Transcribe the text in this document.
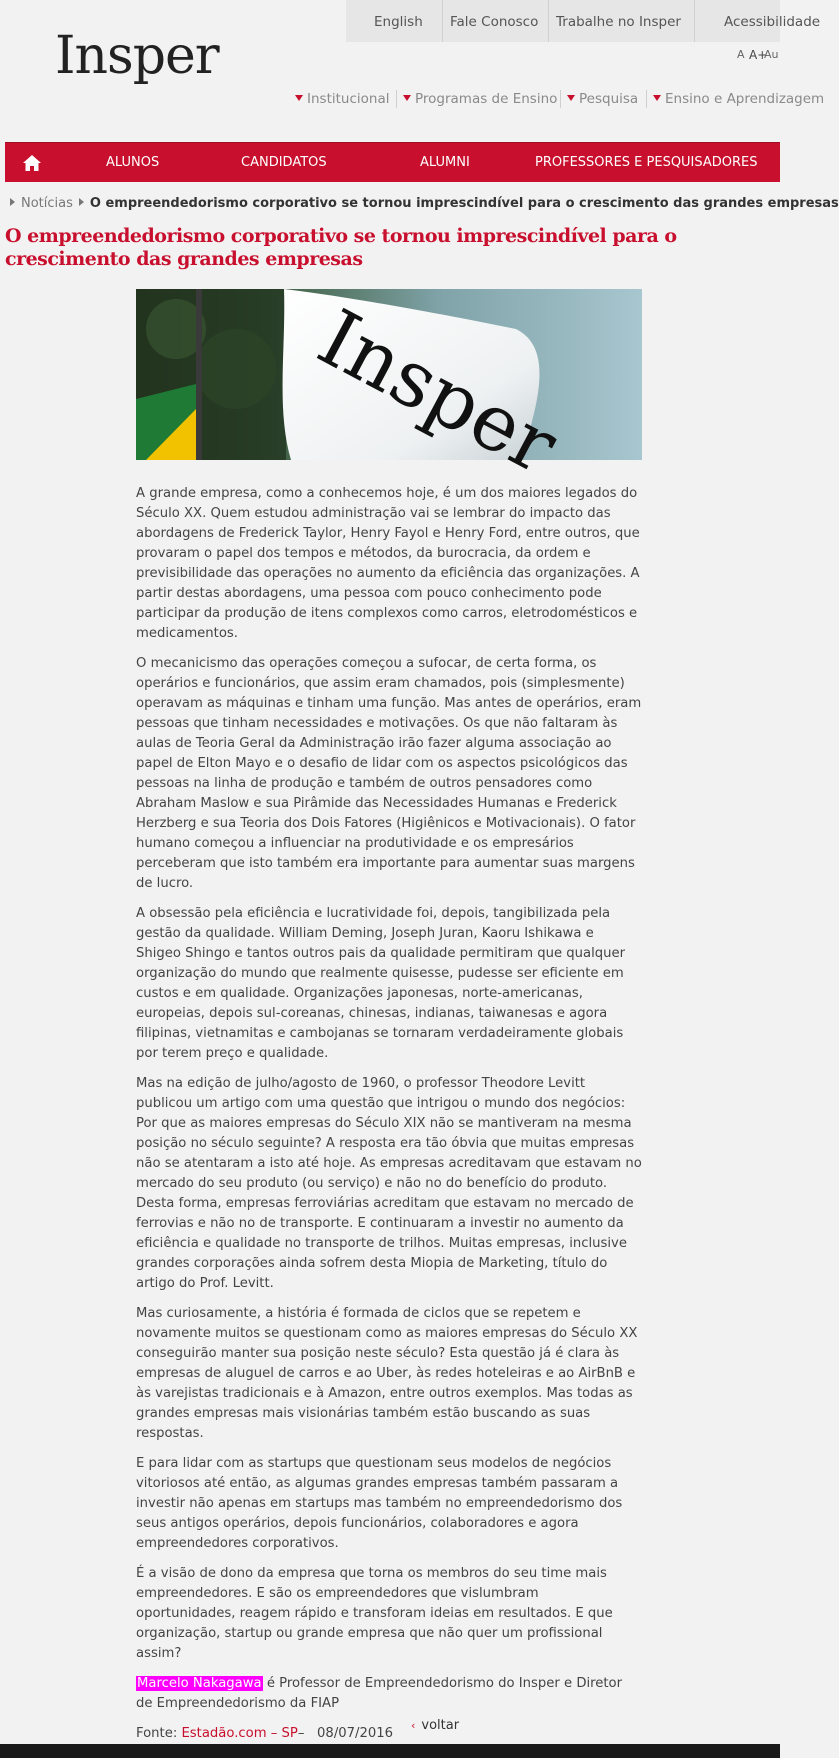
English Fale Conosco Trabalhe no Insper	Acessibilidade
Insper	A A+
Au
Institucional	Programas de Ensino	Pesquisa	Ensino e Aprendizagem
ALUNOS	CANDIDATOS	ALUMNI	PROFESSORES E PESQUISADORES
Notícias O empreendedorismo corporativo se tornou imprescindível para o crescimento das grandes empresas
O empreendedorismo corporativo se tornou imprescindível para o crescimento das grandes empresas
Insper

A grande empresa, como a conhecemos hoje, é um dos maiores legados do Século XX. Quem estudou administração vai se lembrar do impacto das abordagens de Frederick Taylor, Henry Fayol e Henry Ford, entre outros, que provaram o papel dos tempos e métodos, da burocracia, da ordem e previsibilidade das operações no aumento da eficiência das organizações. A partir destas abordagens, uma pessoa com pouco conhecimento pode participar da produção de itens complexos como carros, eletrodomésticos e medicamentos.

O mecanicismo das operações começou a sufocar, de certa forma, os operários e funcionários, que assim eram chamados, pois (simplesmente) operavam as máquinas e tinham uma função. Mas antes de operários, eram pessoas que tinham necessidades e motivações. Os que não faltaram às aulas de Teoria Geral da Administração irão fazer alguma associação ao papel de Elton Mayo e o desafio de lidar com os aspectos psicológicos das pessoas na linha de produção e também de outros pensadores como Abraham Maslow e sua Pirâmide das Necessidades Humanas e Frederick Herzberg e sua Teoria dos Dois Fatores (Higiênicos e Motivacionais). O fator humano começou a influenciar na produtividade e os empresários perceberam que isto também era importante para aumentar suas margens de lucro.

A obsessão pela eficiência e lucratividade foi, depois, tangibilizada pela gestão da qualidade. William Deming, Joseph Juran, Kaoru Ishikawa e Shigeo Shingo e tantos outros pais da qualidade permitiram que qualquer organização do mundo que realmente quisesse, pudesse ser eficiente em custos e em qualidade. Organizações japonesas, norte-americanas, europeias, depois sul-coreanas, chinesas, indianas, taiwanesas e agora filipinas, vietnamitas e cambojanas se tornaram verdadeiramente globais por terem preço e qualidade.

Mas na edição de julho/agosto de 1960, o professor Theodore Levitt publicou um artigo com uma questão que intrigou o mundo dos negócios: Por que as maiores empresas do Século XIX não se mantiveram na mesma posição no século seguinte? A resposta era tão óbvia que muitas empresas não se atentaram a isto até hoje. As empresas acreditavam que estavam no mercado do seu produto (ou serviço) e não no do benefício do produto. Desta forma, empresas ferroviárias acreditam que estavam no mercado de ferrovias e não no de transporte. E continuaram a investir no aumento da eficiência e qualidade no transporte de trilhos. Muitas empresas, inclusive grandes corporações ainda sofrem desta Miopia de Marketing, título do artigo do Prof. Levitt.

Mas curiosamente, a história é formada de ciclos que se repetem e novamente muitos se questionam como as maiores empresas do Século XX conseguirão manter sua posição neste século? Esta questão já é clara às empresas de aluguel de carros e ao Uber, às redes hoteleiras e ao AirBnB e às varejistas tradicionais e à Amazon, entre outros exemplos. Mas todas as grandes empresas mais visionárias também estão buscando as suas respostas.

E para lidar com as startups que questionam seus modelos de negócios vitoriosos até então, as algumas grandes empresas também passaram a investir não apenas em startups mas também no empreendedorismo dos seus antigos operários, depois funcionários, colaboradores e agora empreendedores corporativos.

É a visão de dono da empresa que torna os membros do seu time mais empreendedores. E são os empreendedores que vislumbram oportunidades, reagem rápido e transforam ideias em resultados. E que organização, startup ou grande empresa que não quer um profissional assim?

Marcelo Nakagawa é Professor de Empreendedorismo do Insper e Diretor de Empreendedorismo da FIAP

Fonte: Estadão.com – SP– 08/07/2016

‹ voltar
